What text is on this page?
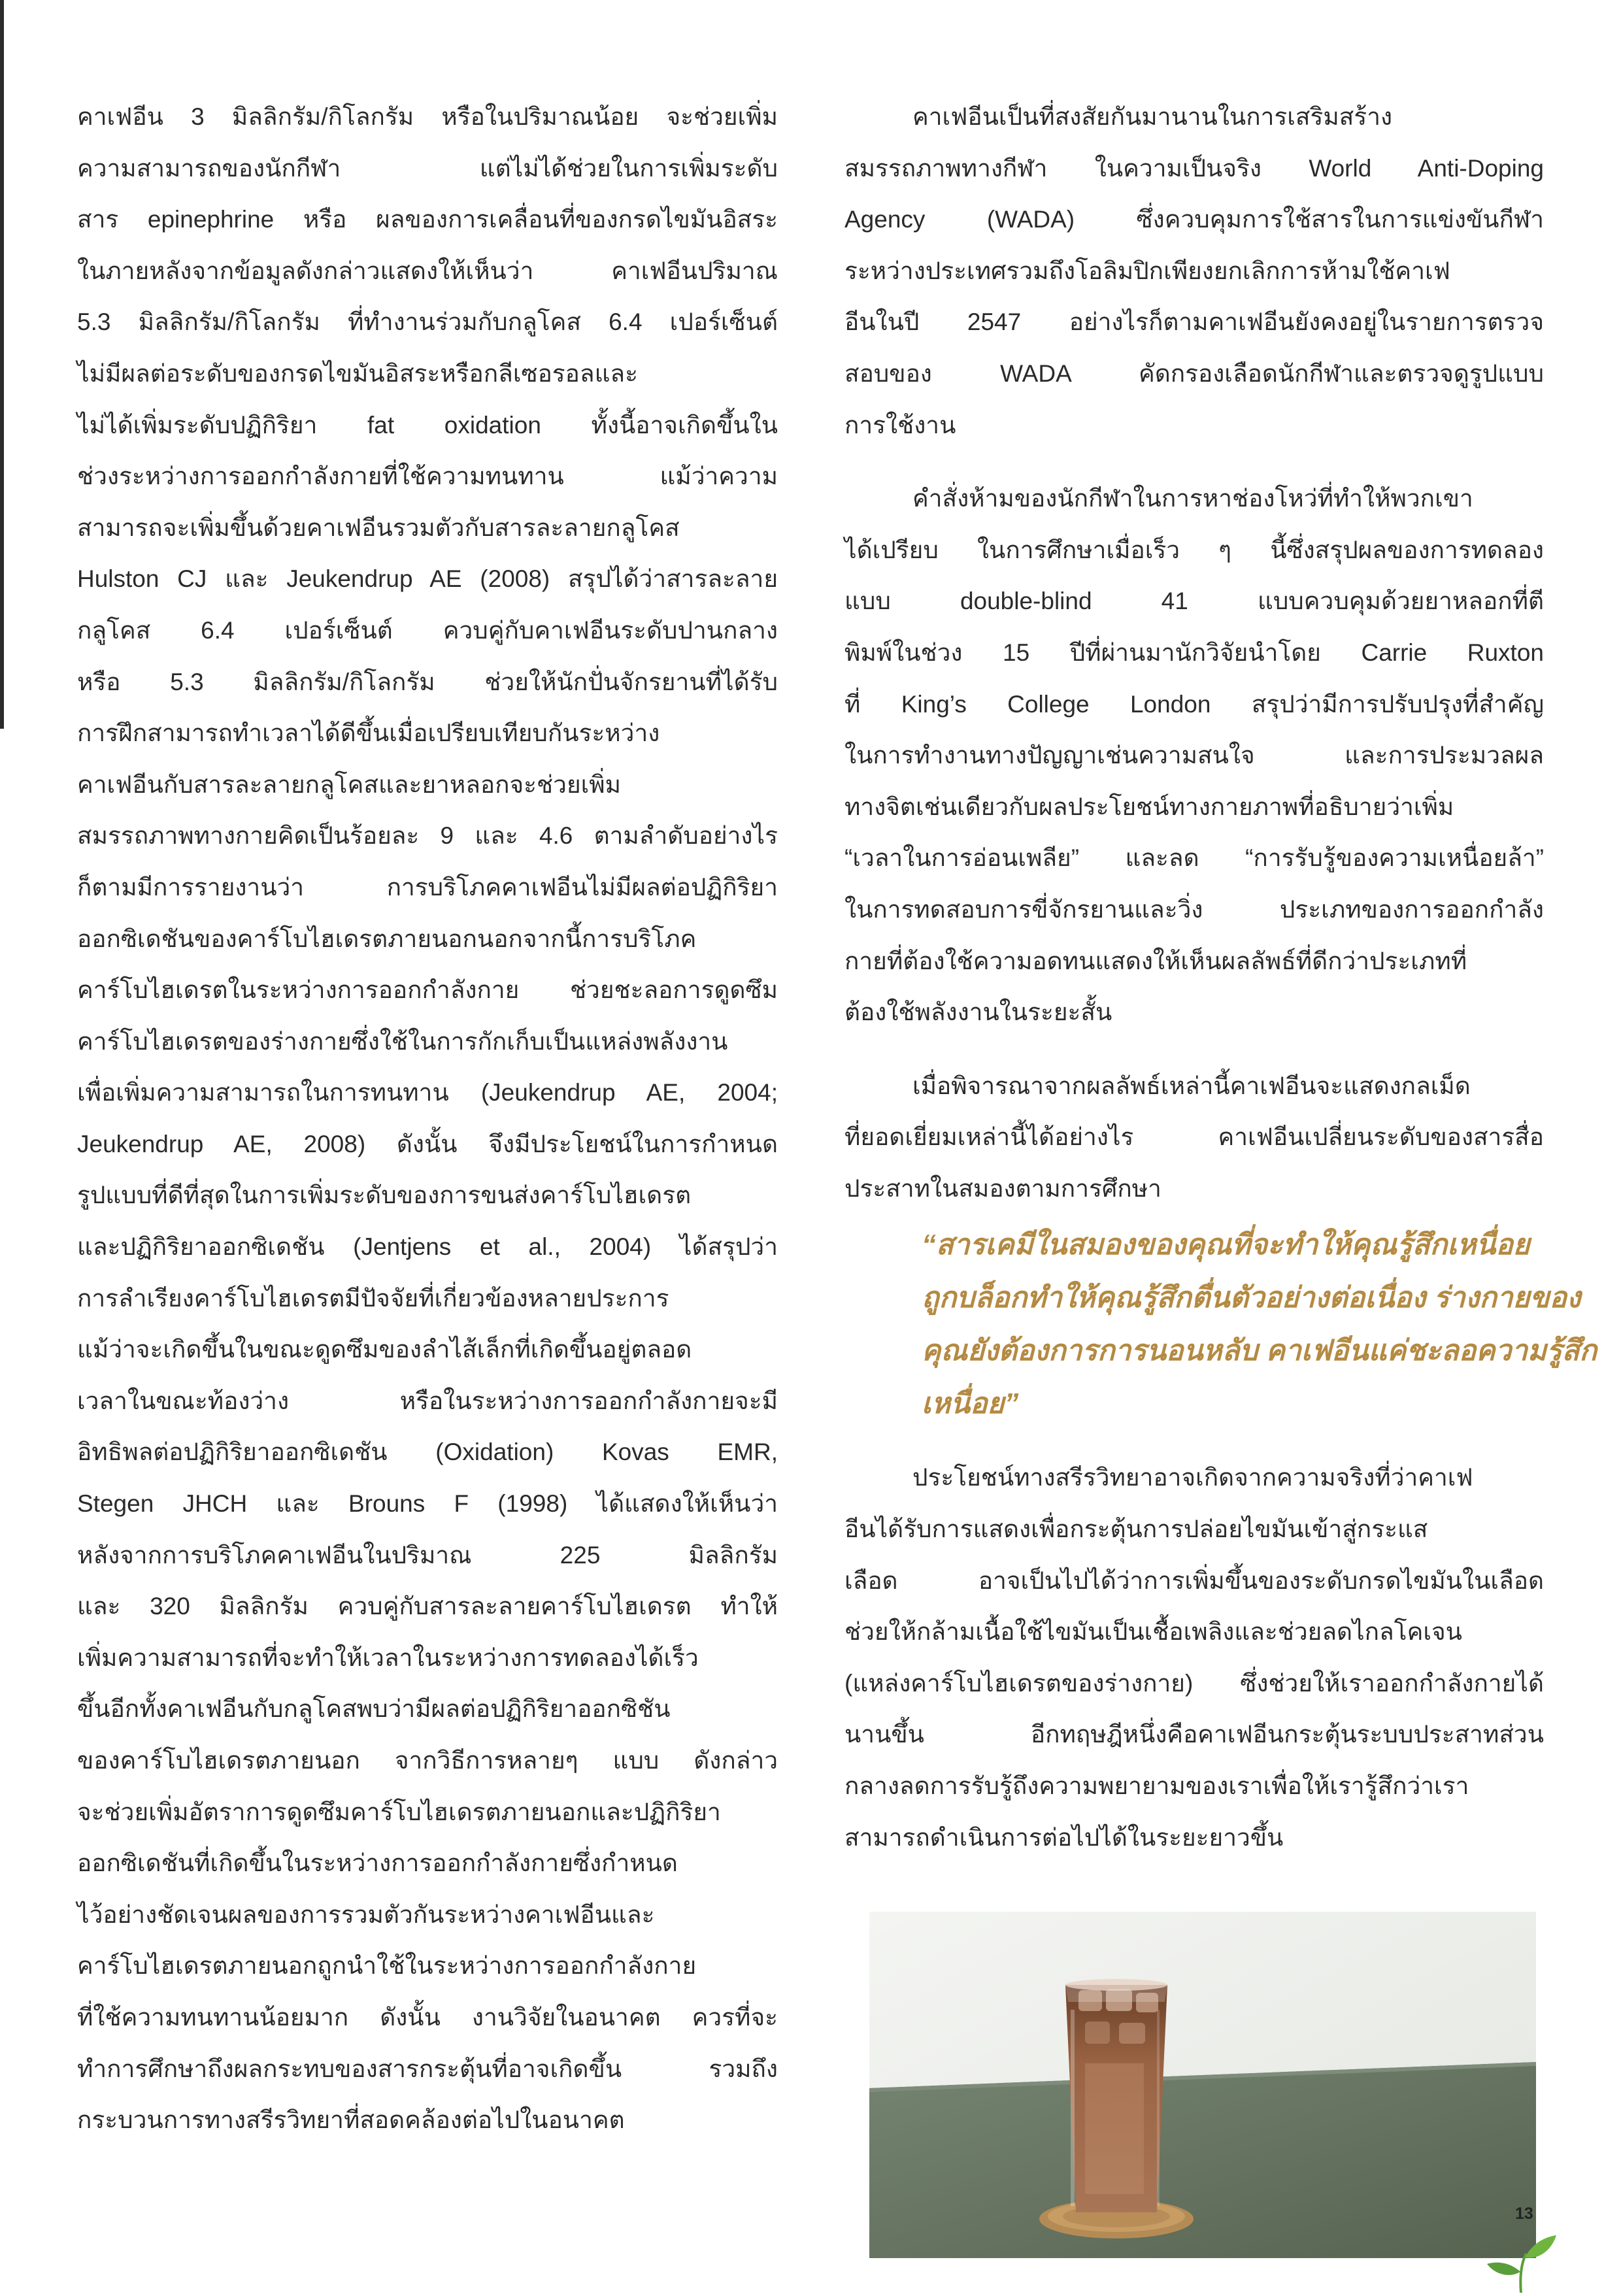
คาเฟอีน 3 มิลลิกรัม/กิโลกรัม หรือในปริมาณน้อย จะช่วยเพิ่ม
ความสามารถของนักกีฬา แต่ไม่ได้ช่วยในการเพิ่มระดับ
สาร epinephrine หรือ ผลของการเคลื่อนที่ของกรดไขมันอิสระ
ในภายหลังจากข้อมูลดังกล่าวแสดงให้เห็นว่า คาเฟอีนปริมาณ
5.3 มิลลิกรัม/กิโลกรัม ที่ทำงานร่วมกับกลูโคส 6.4 เปอร์เซ็นต์
ไม่มีผลต่อระดับของกรดไขมันอิสระหรือกลีเซอรอลและ
ไม่ได้เพิ่มระดับปฏิกิริยา fat oxidation ทั้งนี้อาจเกิดขึ้นใน
ช่วงระหว่างการออกกำลังกายที่ใช้ความทนทาน แม้ว่าความ
สามารถจะเพิ่มขึ้นด้วยคาเฟอีนรวมตัวกับสารละลายกลูโคส
Hulston CJ และ Jeukendrup AE (2008) สรุปได้ว่าสารละลาย
กลูโคส 6.4 เปอร์เซ็นต์ ควบคู่กับคาเฟอีนระดับปานกลาง
หรือ 5.3 มิลลิกรัม/กิโลกรัม ช่วยให้นักปั่นจักรยานที่ได้รับ
การฝึกสามารถทำเวลาได้ดีขึ้นเมื่อเปรียบเทียบกันระหว่าง
คาเฟอีนกับสารละลายกลูโคสและยาหลอกจะช่วยเพิ่ม
สมรรถภาพทางกายคิดเป็นร้อยละ 9 และ 4.6 ตามลำดับอย่างไร
ก็ตามมีการรายงานว่า การบริโภคคาเฟอีนไม่มีผลต่อปฏิกิริยา
ออกซิเดชันของคาร์โบไฮเดรตภายนอกนอกจากนี้การบริโภค
คาร์โบไฮเดรตในระหว่างการออกกำลังกาย ช่วยชะลอการดูดซึม
คาร์โบไฮเดรตของร่างกายซึ่งใช้ในการกักเก็บเป็นแหล่งพลังงาน
เพื่อเพิ่มความสามารถในการทนทาน (Jeukendrup AE, 2004;
Jeukendrup AE, 2008) ดังนั้น จึงมีประโยชน์ในการกำหนด
รูปแบบที่ดีที่สุดในการเพิ่มระดับของการขนส่งคาร์โบไฮเดรต
และปฏิกิริยาออกซิเดชัน (Jentjens et al., 2004) ได้สรุปว่า
การลำเรียงคาร์โบไฮเดรตมีปัจจัยที่เกี่ยวข้องหลายประการ
แม้ว่าจะเกิดขึ้นในขณะดูดซึมของลำไส้เล็กที่เกิดขึ้นอยู่ตลอด
เวลาในขณะท้องว่าง หรือในระหว่างการออกกำลังกายจะมี
อิทธิพลต่อปฏิกิริยาออกซิเดชัน (Oxidation) Kovas EMR,
Stegen JHCH และ Brouns F (1998) ได้แสดงให้เห็นว่า
หลังจากการบริโภคคาเฟอีนในปริมาณ 225 มิลลิกรัม
และ 320 มิลลิกรัม ควบคู่กับสารละลายคาร์โบไฮเดรต ทำให้
เพิ่มความสามารถที่จะทำให้เวลาในระหว่างการทดลองได้เร็ว
ขึ้นอีกทั้งคาเฟอีนกับกลูโคสพบว่ามีผลต่อปฏิกิริยาออกซิชัน
ของคาร์โบไฮเดรตภายนอก จากวิธีการหลายๆ แบบ ดังกล่าว
จะช่วยเพิ่มอัตราการดูดซึมคาร์โบไฮเดรตภายนอกและปฏิกิริยา
ออกซิเดชันที่เกิดขึ้นในระหว่างการออกกำลังกายซึ่งกำหนด
ไว้อย่างชัดเจนผลของการรวมตัวกันระหว่างคาเฟอีนและ
คาร์โบไฮเดรตภายนอกถูกนำใช้ในระหว่างการออกกำลังกาย
ที่ใช้ความทนทานน้อยมาก ดังนั้น งานวิจัยในอนาคต ควรที่จะ
ทำการศึกษาถึงผลกระทบของสารกระตุ้นที่อาจเกิดขึ้น รวมถึง
กระบวนการทางสรีรวิทยาที่สอดคล้องต่อไปในอนาคต
คาเฟอีนเป็นที่สงสัยกันมานานในการเสริมสร้าง
สมรรถภาพทางกีฬา ในความเป็นจริง World Anti-Doping
Agency (WADA) ซึ่งควบคุมการใช้สารในการแข่งขันกีฬา
ระหว่างประเทศรวมถึงโอลิมปิกเพียงยกเลิกการห้ามใช้คาเฟ
อีนในปี 2547 อย่างไรก็ตามคาเฟอีนยังคงอยู่ในรายการตรวจ
สอบของ WADA คัดกรองเลือดนักกีฬาและตรวจดูรูปแบบ
การใช้งาน
คำสั่งห้ามของนักกีฬาในการหาช่องโหว่ที่ทำให้พวกเขา
ได้เปรียบ ในการศึกษาเมื่อเร็ว ๆ นี้ซึ่งสรุปผลของการทดลอง
แบบ double-blind 41 แบบควบคุมด้วยยาหลอกที่ตี
พิมพ์ในช่วง 15 ปีที่ผ่านมานักวิจัยนำโดย Carrie Ruxton
ที่ King’s College London สรุปว่ามีการปรับปรุงที่สำคัญ
ในการทำงานทางปัญญาเช่นความสนใจ และการประมวลผล
ทางจิตเช่นเดียวกับผลประโยชน์ทางกายภาพที่อธิบายว่าเพิ่ม
“เวลาในการอ่อนเพลีย” และลด “การรับรู้ของความเหนื่อยล้า”
ในการทดสอบการขี่จักรยานและวิ่ง ประเภทของการออกกำลัง
กายที่ต้องใช้ความอดทนแสดงให้เห็นผลลัพธ์ที่ดีกว่าประเภทที่
ต้องใช้พลังงานในระยะสั้น
เมื่อพิจารณาจากผลลัพธ์เหล่านี้คาเฟอีนจะแสดงกลเม็ด
ที่ยอดเยี่ยมเหล่านี้ได้อย่างไร คาเฟอีนเปลี่ยนระดับของสารสื่อ
ประสาทในสมองตามการศึกษา
“สารเคมีในสมองของคุณที่จะทำให้คุณรู้สึกเหนื่อย
ถูกบล็อกทำให้คุณรู้สึกตื่นตัวอย่างต่อเนื่อง ร่างกายของ
คุณยังต้องการการนอนหลับ คาเฟอีนแค่ชะลอความรู้สึก
เหนื่อย”
ประโยชน์ทางสรีรวิทยาอาจเกิดจากความจริงที่ว่าคาเฟ
อีนได้รับการแสดงเพื่อกระตุ้นการปล่อยไขมันเข้าสู่กระแส
เลือด อาจเป็นไปได้ว่าการเพิ่มขึ้นของระดับกรดไขมันในเลือด
ช่วยให้กล้ามเนื้อใช้ไขมันเป็นเชื้อเพลิงและช่วยลดไกลโคเจน
(แหล่งคาร์โบไฮเดรตของร่างกาย) ซึ่งช่วยให้เราออกกำลังกายได้
นานขึ้น อีกทฤษฎีหนึ่งคือคาเฟอีนกระตุ้นระบบประสาทส่วน
กลางลดการรับรู้ถึงความพยายามของเราเพื่อให้เรารู้สึกว่าเรา
สามารถดำเนินการต่อไปได้ในระยะยาวขึ้น
13
